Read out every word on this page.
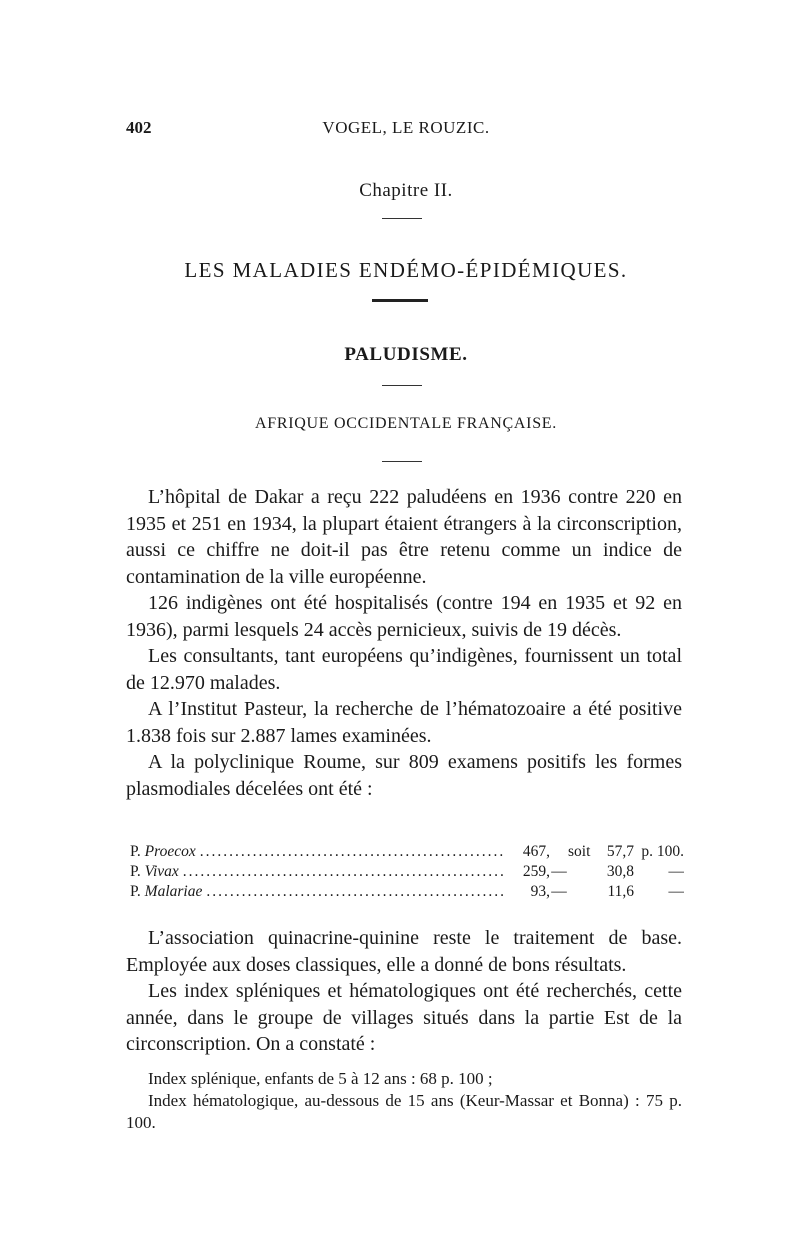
402	VOGEL, LE ROUZIC.
Chapitre II.
LES MALADIES ENDÉMO-ÉPIDÉMIQUES.
PALUDISME.
AFRIQUE OCCIDENTALE FRANÇAISE.

L’hôpital de Dakar a reçu 222 paludéens en 1936 contre 220 en 1935 et 251 en 1934, la plupart étaient étrangers à la circonscription, aussi ce chiffre ne doit-il pas être retenu comme un indice de contamination de la ville européenne.

126 indigènes ont été hospitalisés (contre 194 en 1935 et 92 en 1936), parmi lesquels 24 accès pernicieux, suivis de 19 décès.

Les consultants, tant européens qu’indigènes, fournissent un total de 12.970 malades.

A l’Institut Pasteur, la recherche de l’hématozoaire a été positive 1.838 fois sur 2.887 lames examinées.

A la polyclinique Roume, sur 809 examens positifs les formes plasmodiales décelées ont été :

P. Proecox .....	467, soit	57,7 p. 100.
P. Vivax .....	259, —	30,8	—
P. Malariae .....	93, —	11,6	—

L’association quinacrine-quinine reste le traitement de base. Employée aux doses classiques, elle a donné de bons résultats.

Les index spléniques et hématologiques ont été recherchés, cette année, dans le groupe de villages situés dans la partie Est de la circonscription. On a constaté :

Index splénique, enfants de 5 à 12 ans : 68 p. 100 ;

Index hématologique, au-dessous de 15 ans (Keur-Massar et Bonna) : 75 p. 100.
